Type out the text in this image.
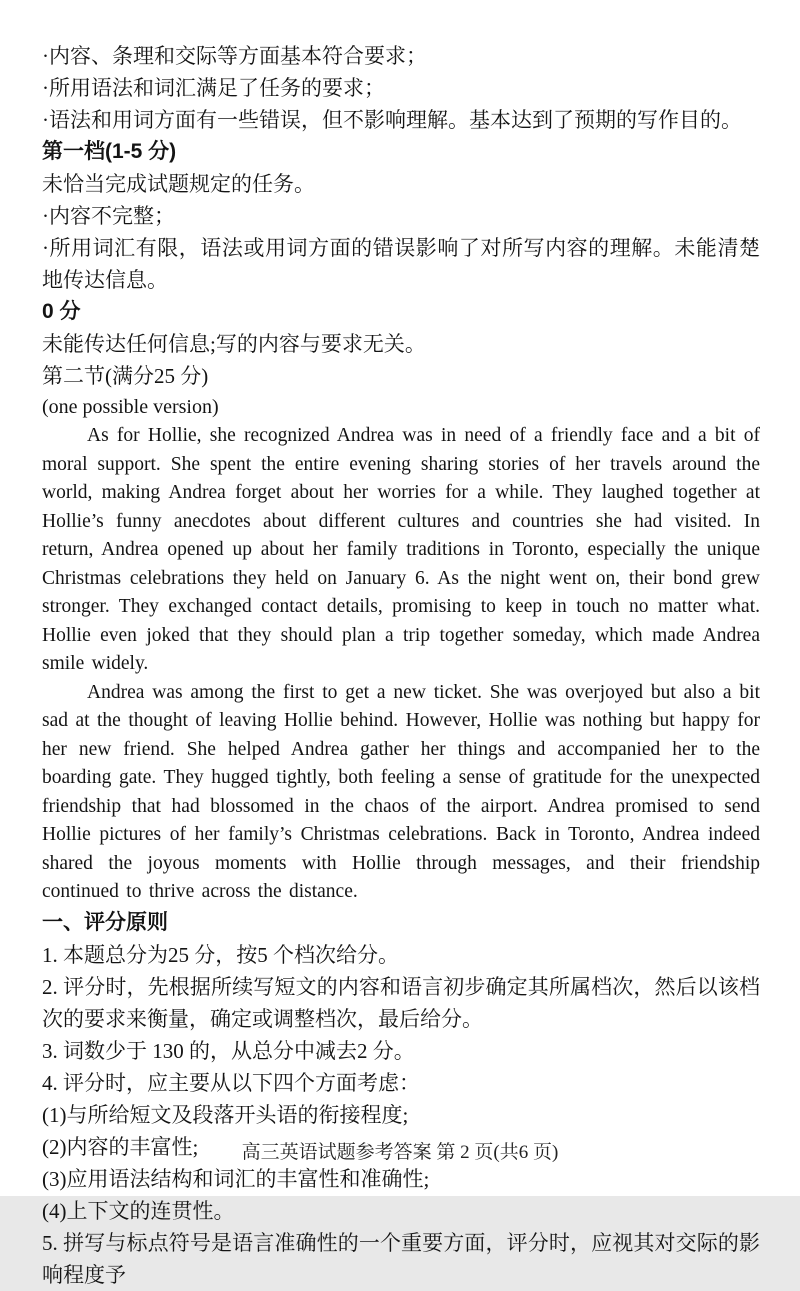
·内容、条理和交际等方面基本符合要求；

·所用语法和词汇满足了任务的要求；

·语法和用词方面有一些错误，但不影响理解。基本达到了预期的写作目的。

第一档(1-5 分)

未恰当完成试题规定的任务。

·内容不完整；

·所用词汇有限，语法或用词方面的错误影响了对所写内容的理解。未能清楚地传达信息。

0 分

未能传达任何信息;写的内容与要求无关。

第二节(满分25 分)

(one possible version)

As for Hollie, she recognized Andrea was in need of a friendly face and a bit of moral support. She spent the entire evening sharing stories of her travels around the world, making Andrea forget about her worries for a while. They laughed together at Hollie’s funny anecdotes about different cultures and countries she had visited. In return, Andrea opened up about her family traditions in Toronto, especially the unique Christmas celebrations they held on January 6. As the night went on, their bond grew stronger. They exchanged contact details, promising to keep in touch no matter what. Hollie even joked that they should plan a trip together someday, which made Andrea smile widely.

Andrea was among the first to get a new ticket. She was overjoyed but also a bit sad at the thought of leaving Hollie behind. However, Hollie was nothing but happy for her new friend. She helped Andrea gather her things and accompanied her to the boarding gate. They hugged tightly, both feeling a sense of gratitude for the unexpected friendship that had blossomed in the chaos of the airport. Andrea promised to send Hollie pictures of her family’s Christmas celebrations. Back in Toronto, Andrea indeed shared the joyous moments with Hollie through messages, and their friendship continued to thrive across the distance.

一、评分原则

1. 本题总分为25 分，按5 个档次给分。

2. 评分时，先根据所续写短文的内容和语言初步确定其所属档次，然后以该档次的要求来衡量，确定或调整档次，最后给分。

3. 词数少于 130 的，从总分中减去2 分。

4. 评分时，应主要从以下四个方面考虑：

(1)与所给短文及段落开头语的衔接程度;

(2)内容的丰富性;

(3)应用语法结构和词汇的丰富性和准确性;

(4)上下文的连贯性。

5. 拼写与标点符号是语言准确性的一个重要方面，评分时，应视其对交际的影响程度予

高三英语试题参考答案 第 2 页(共6 页)
